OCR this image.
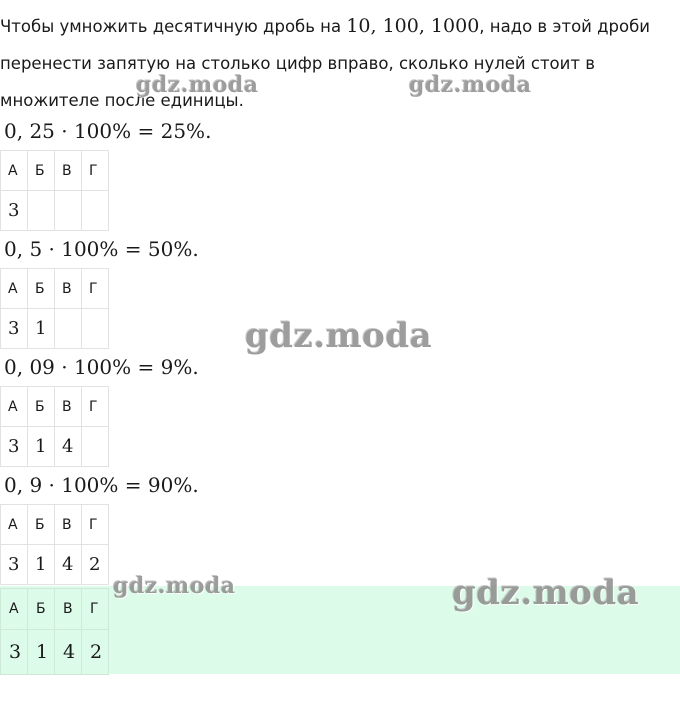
Чтобы умножить десятичную дробь на 10, 100, 1000, надо в этой дроби перенести запятую на столько цифр вправо, сколько нулей стоит в множителе после единицы.
0, 25 · 100% = 25%.
А	Б	В	Г
3			
0, 5 · 100% = 50%.
А	Б	В	Г
3	1		
0, 09 · 100% = 9%.
А	Б	В	Г
3	1	4	
0, 9 · 100% = 90%.
А	Б	В	Г
3	1	4	2
А	Б	В	Г
3	1	4	2
gdz.moda	gdz.moda
gdz.moda
gdz.moda	gdz.moda
